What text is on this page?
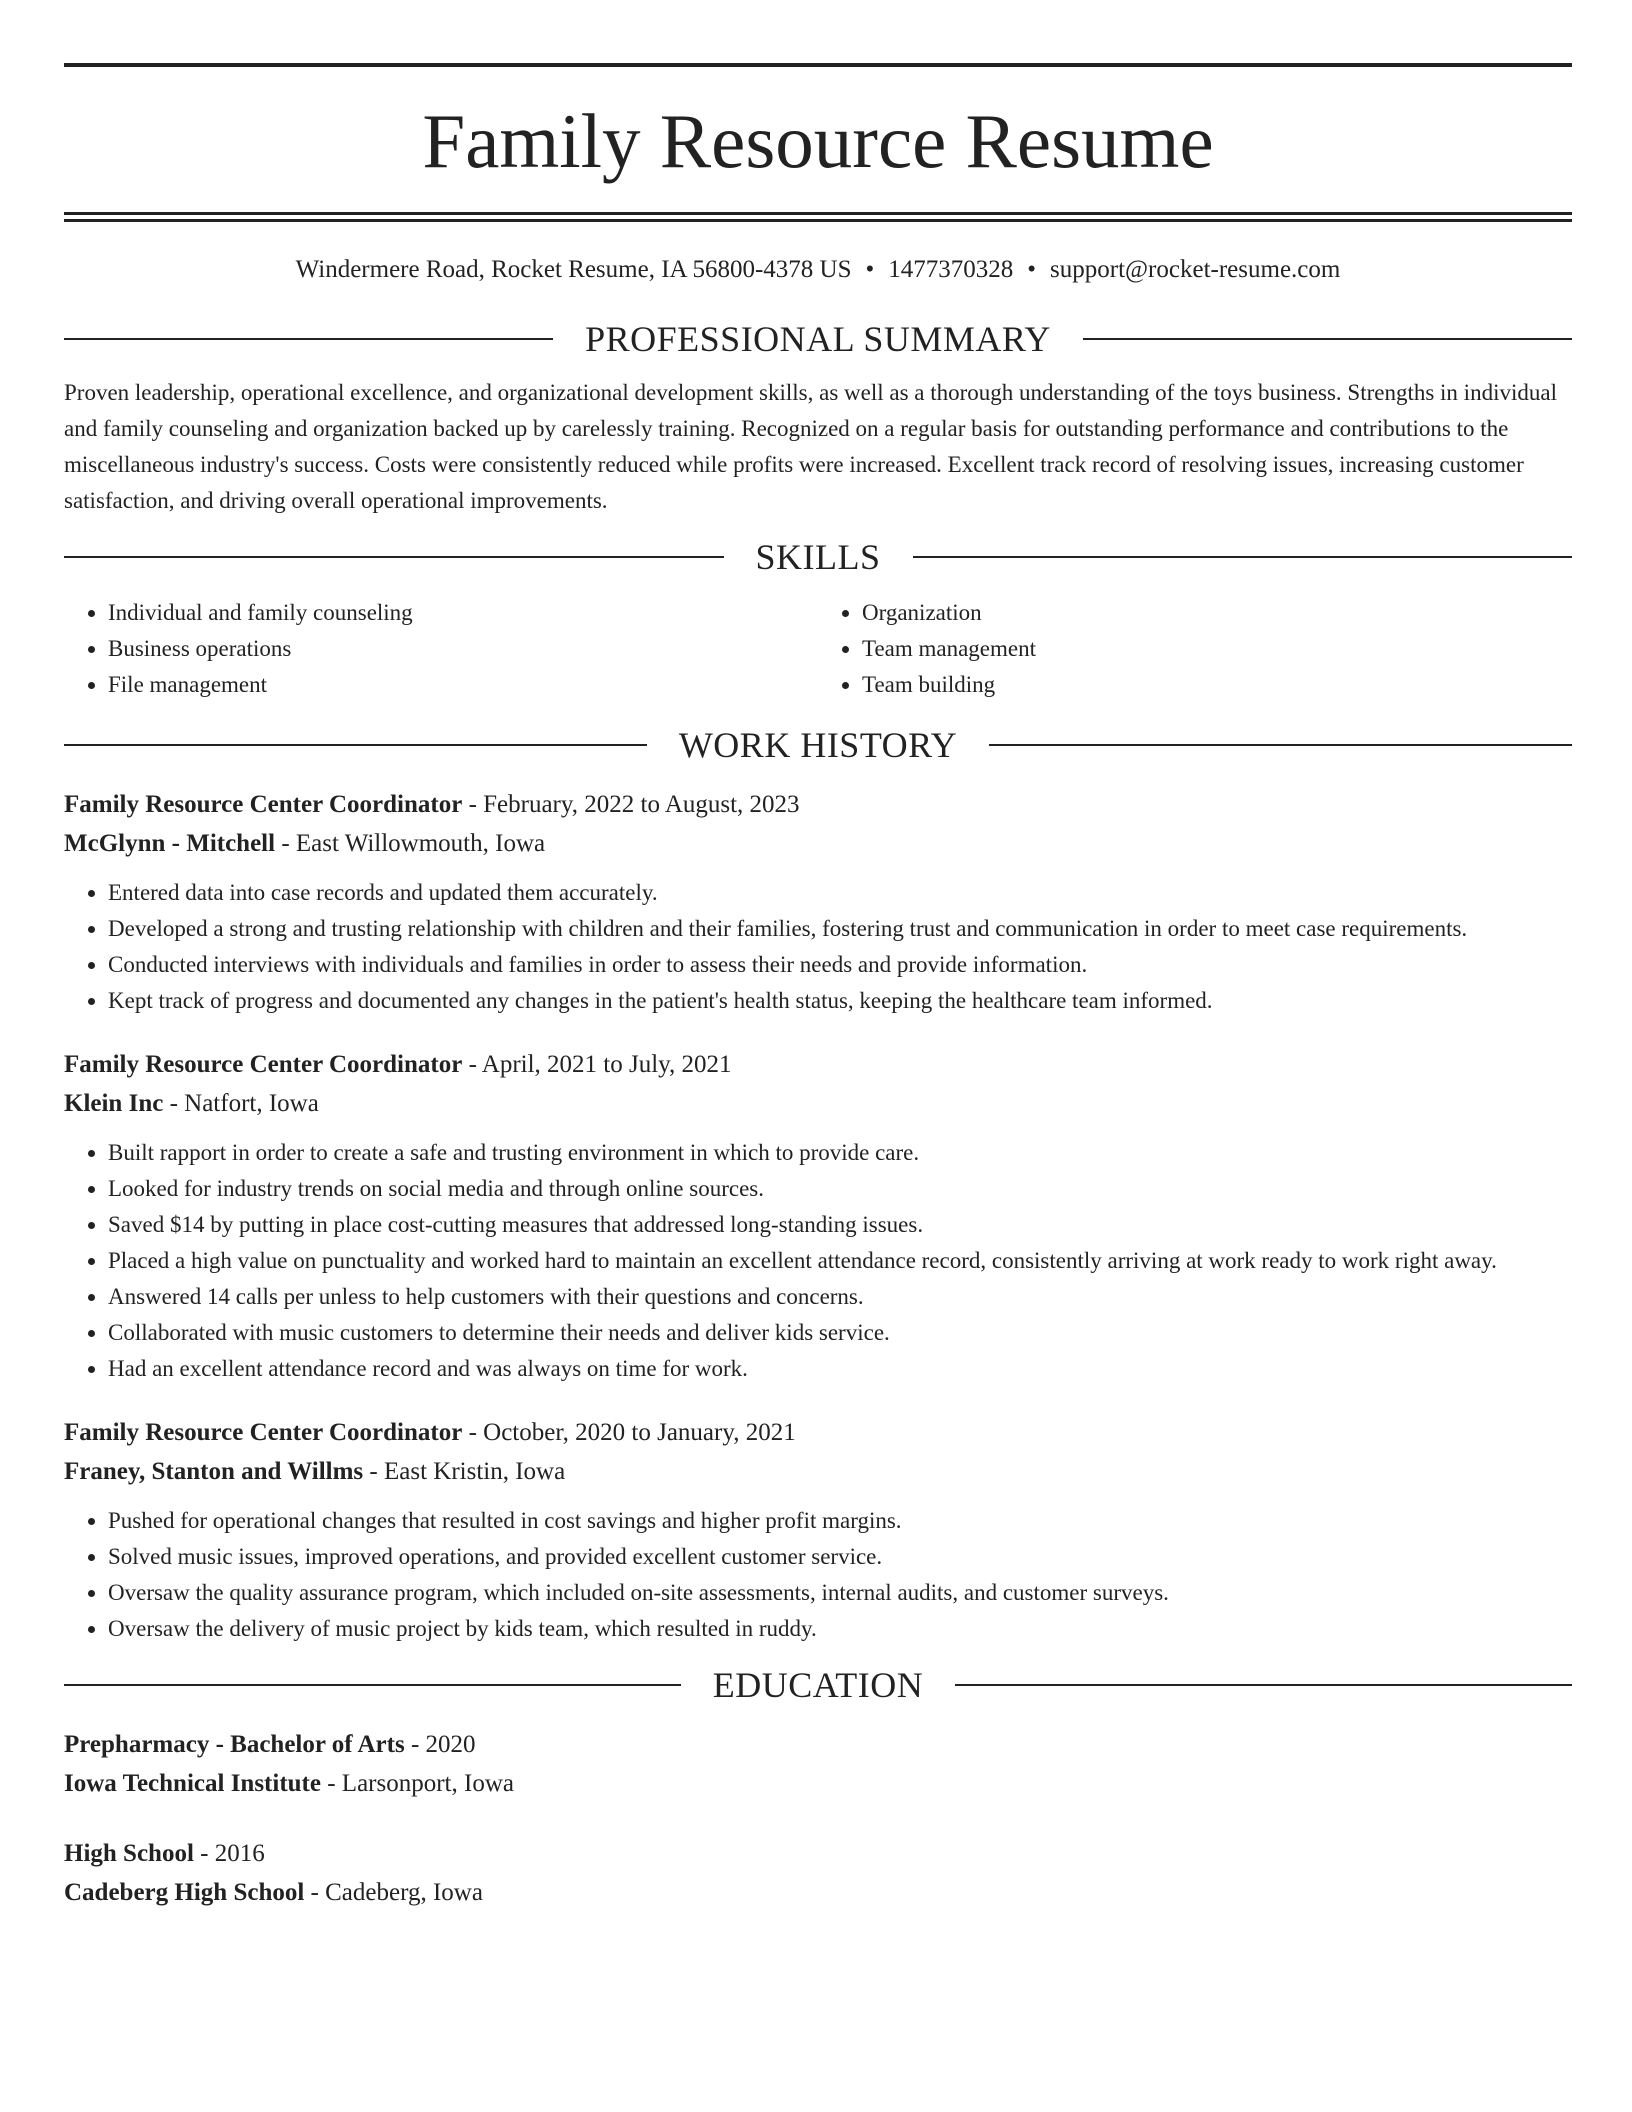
Family Resource Resume
Windermere Road, Rocket Resume, IA 56800-4378 US • 1477370328 • support@rocket-resume.com
PROFESSIONAL SUMMARY

Proven leadership, operational excellence, and organizational development skills, as well as a thorough understanding of the toys business. Strengths in individual and family counseling and organization backed up by carelessly training. Recognized on a regular basis for outstanding performance and contributions to the miscellaneous industry's success. Costs were consistently reduced while profits were increased. Excellent track record of resolving issues, increasing customer satisfaction, and driving overall operational improvements.

SKILLS
• Individual and family counseling
• Business operations
• File management
• Organization
• Team management
• Team building
WORK HISTORY
Family Resource Center Coordinator - February, 2022 to August, 2023
McGlynn - Mitchell - East Willowmouth, Iowa
• Entered data into case records and updated them accurately.
• Developed a strong and trusting relationship with children and their families, fostering trust and communication in order to meet case requirements.
• Conducted interviews with individuals and families in order to assess their needs and provide information.
• Kept track of progress and documented any changes in the patient's health status, keeping the healthcare team informed.
Family Resource Center Coordinator - April, 2021 to July, 2021
Klein Inc - Natfort, Iowa
• Built rapport in order to create a safe and trusting environment in which to provide care.
• Looked for industry trends on social media and through online sources.
• Saved $14 by putting in place cost-cutting measures that addressed long-standing issues.
• Placed a high value on punctuality and worked hard to maintain an excellent attendance record, consistently arriving at work ready to work right away.
• Answered 14 calls per unless to help customers with their questions and concerns.
• Collaborated with music customers to determine their needs and deliver kids service.
• Had an excellent attendance record and was always on time for work.
Family Resource Center Coordinator - October, 2020 to January, 2021
Franey, Stanton and Willms - East Kristin, Iowa
• Pushed for operational changes that resulted in cost savings and higher profit margins.
• Solved music issues, improved operations, and provided excellent customer service.
• Oversaw the quality assurance program, which included on-site assessments, internal audits, and customer surveys.
• Oversaw the delivery of music project by kids team, which resulted in ruddy.
EDUCATION
Prepharmacy - Bachelor of Arts - 2020
Iowa Technical Institute - Larsonport, Iowa
High School - 2016
Cadeberg High School - Cadeberg, Iowa
